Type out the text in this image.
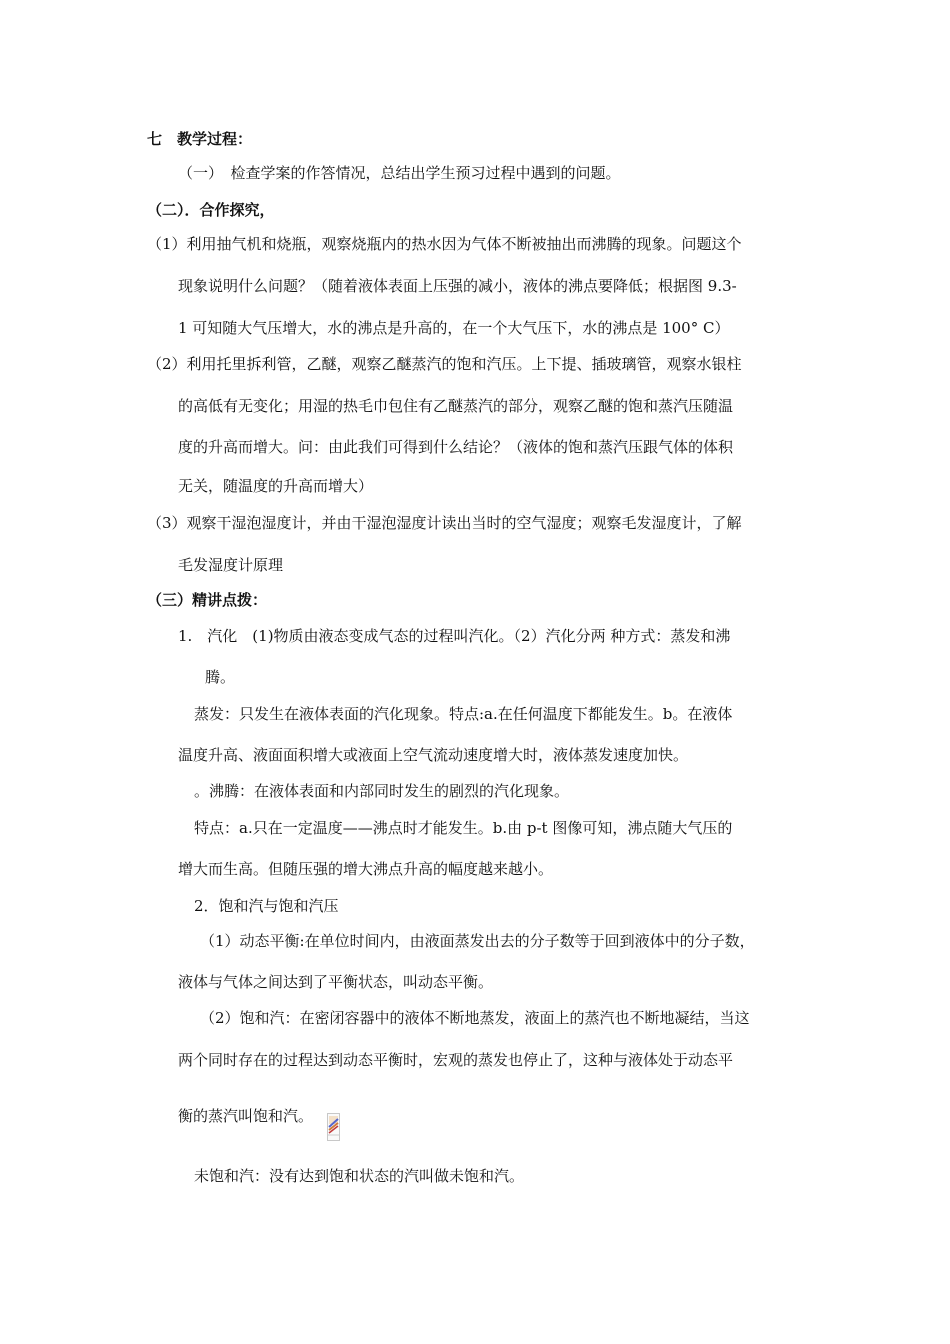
七　教学过程：
（一）　检查学案的作答情况，总结出学生预习过程中遇到的问题。
（二）．合作探究，
（1）利用抽气机和烧瓶，观察烧瓶内的热水因为气体不断被抽出而沸腾的现象。问题这个
现象说明什么问题？（随着液体表面上压强的减小，液体的沸点要降低；根据图 9.3-
1 可知随大气压增大，水的沸点是升高的，在一个大气压下，水的沸点是 100° C）
（2）利用托里拆利管，乙醚，观察乙醚蒸汽的饱和汽压。上下提、插玻璃管，观察水银柱
的高低有无变化；用湿的热毛巾包住有乙醚蒸汽的部分，观察乙醚的饱和蒸汽压随温
度的升高而增大。问：由此我们可得到什么结论？（液体的饱和蒸汽压跟气体的体积
无关，随温度的升高而增大）
（3）观察干湿泡湿度计，并由干湿泡湿度计读出当时的空气湿度；观察毛发湿度计，了解
毛发湿度计原理
（三）精讲点拨：
1.　汽化　(1)物质由液态变成气态的过程叫汽化。（2）汽化分两 种方式：蒸发和沸
腾。
蒸发：只发生在液体表面的汽化现象。特点:a.在任何温度下都能发生。b。在液体
温度升高、液面面积增大或液面上空气流动速度增大时，液体蒸发速度加快。
。沸腾：在液体表面和内部同时发生的剧烈的汽化现象。
特点：a.只在一定温度——沸点时才能发生。b.由 p-t 图像可知，沸点随大气压的
增大而生高。但随压强的增大沸点升高的幅度越来越小。
2．饱和汽与饱和汽压
（1）动态平衡:在单位时间内，由液面蒸发出去的分子数等于回到液体中的分子数，
液体与气体之间达到了平衡状态，叫动态平衡。
（2）饱和汽：在密闭容器中的液体不断地蒸发，液面上的蒸汽也不断地凝结，当这
两个同时存在的过程达到动态平衡时，宏观的蒸发也停止了，这种与液体处于动态平
衡的蒸汽叫饱和汽。
未饱和汽：没有达到饱和状态的汽叫做未饱和汽。
